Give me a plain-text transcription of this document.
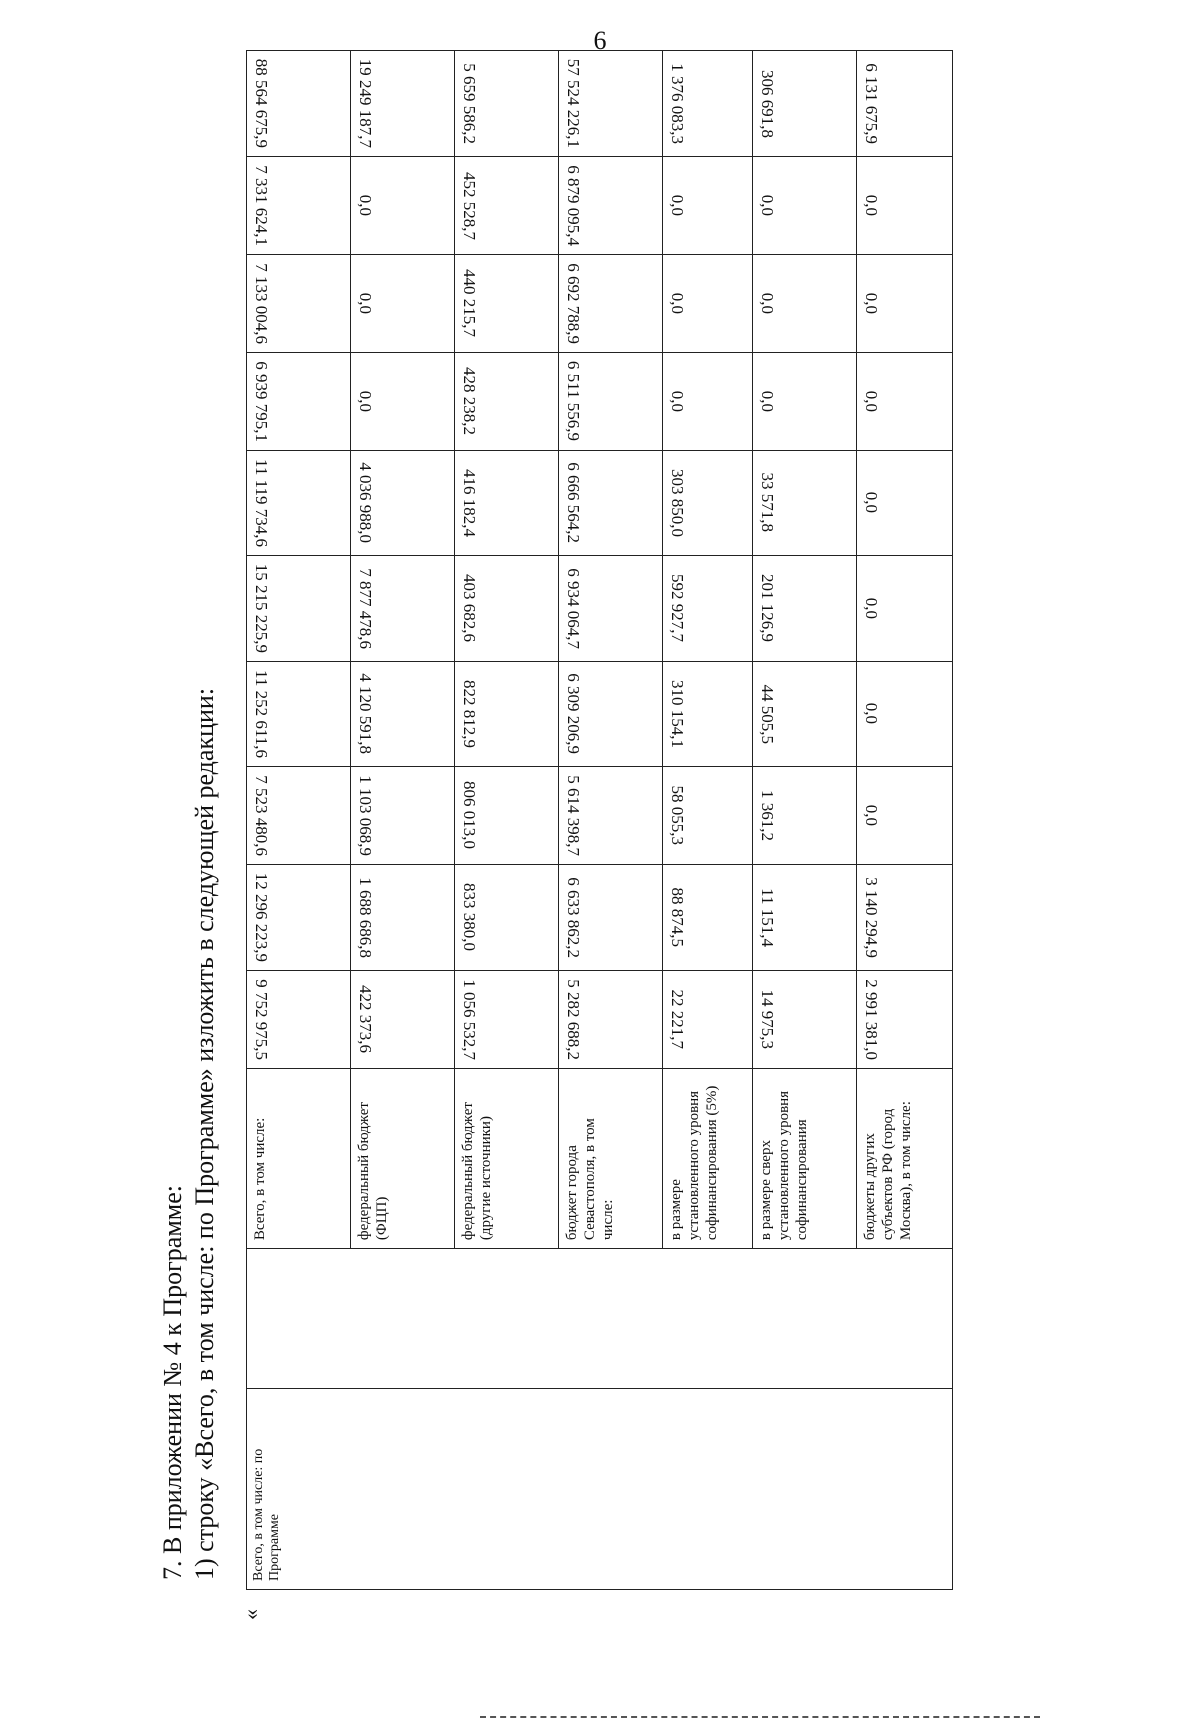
6
7. В приложении № 4 к Программе: 1) строку «Всего, в том числе: по Программе» изложить в следующей редакции:
«
Всего, в том числе: по Программе		Всего, в том числе:	9 752 975,5	12 296 223,9	7 523 480,6	11 252 611,6	15 215 225,9	11 119 734,6	6 939 795,1	7 133 004,6	7 331 624,1	88 564 675,9
		федеральный бюджет (ФЦП)	422 373,6	1 688 686,8	1 103 068,9	4 120 591,8	7 877 478,6	4 036 988,0	0,0	0,0	0,0	19 249 187,7
		федеральный бюджет (другие источники)	1 056 532,7	833 380,0	806 013,0	822 812,9	403 682,6	416 182,4	428 238,2	440 215,7	452 528,7	5 659 586,2
		бюджет города Севастополя, в том числе:	5 282 688,2	6 633 862,2	5 614 398,7	6 309 206,9	6 934 064,7	6 666 564,2	6 511 556,9	6 692 788,9	6 879 095,4	57 524 226,1
		в размере установленного уровня софинансирования (5%)	22 221,7	88 874,5	58 055,3	310 154,1	592 927,7	303 850,0	0,0	0,0	0,0	1 376 083,3
		в размере сверх установленного уровня софинансирования	14 975,3	11 151,4	1 361,2	44 505,5	201 126,9	33 571,8	0,0	0,0	0,0	306 691,8
		бюджеты других субъектов РФ (город Москва), в том числе:	2 991 381,0	3 140 294,9	0,0	0,0	0,0	0,0	0,0	0,0	0,0	6 131 675,9
